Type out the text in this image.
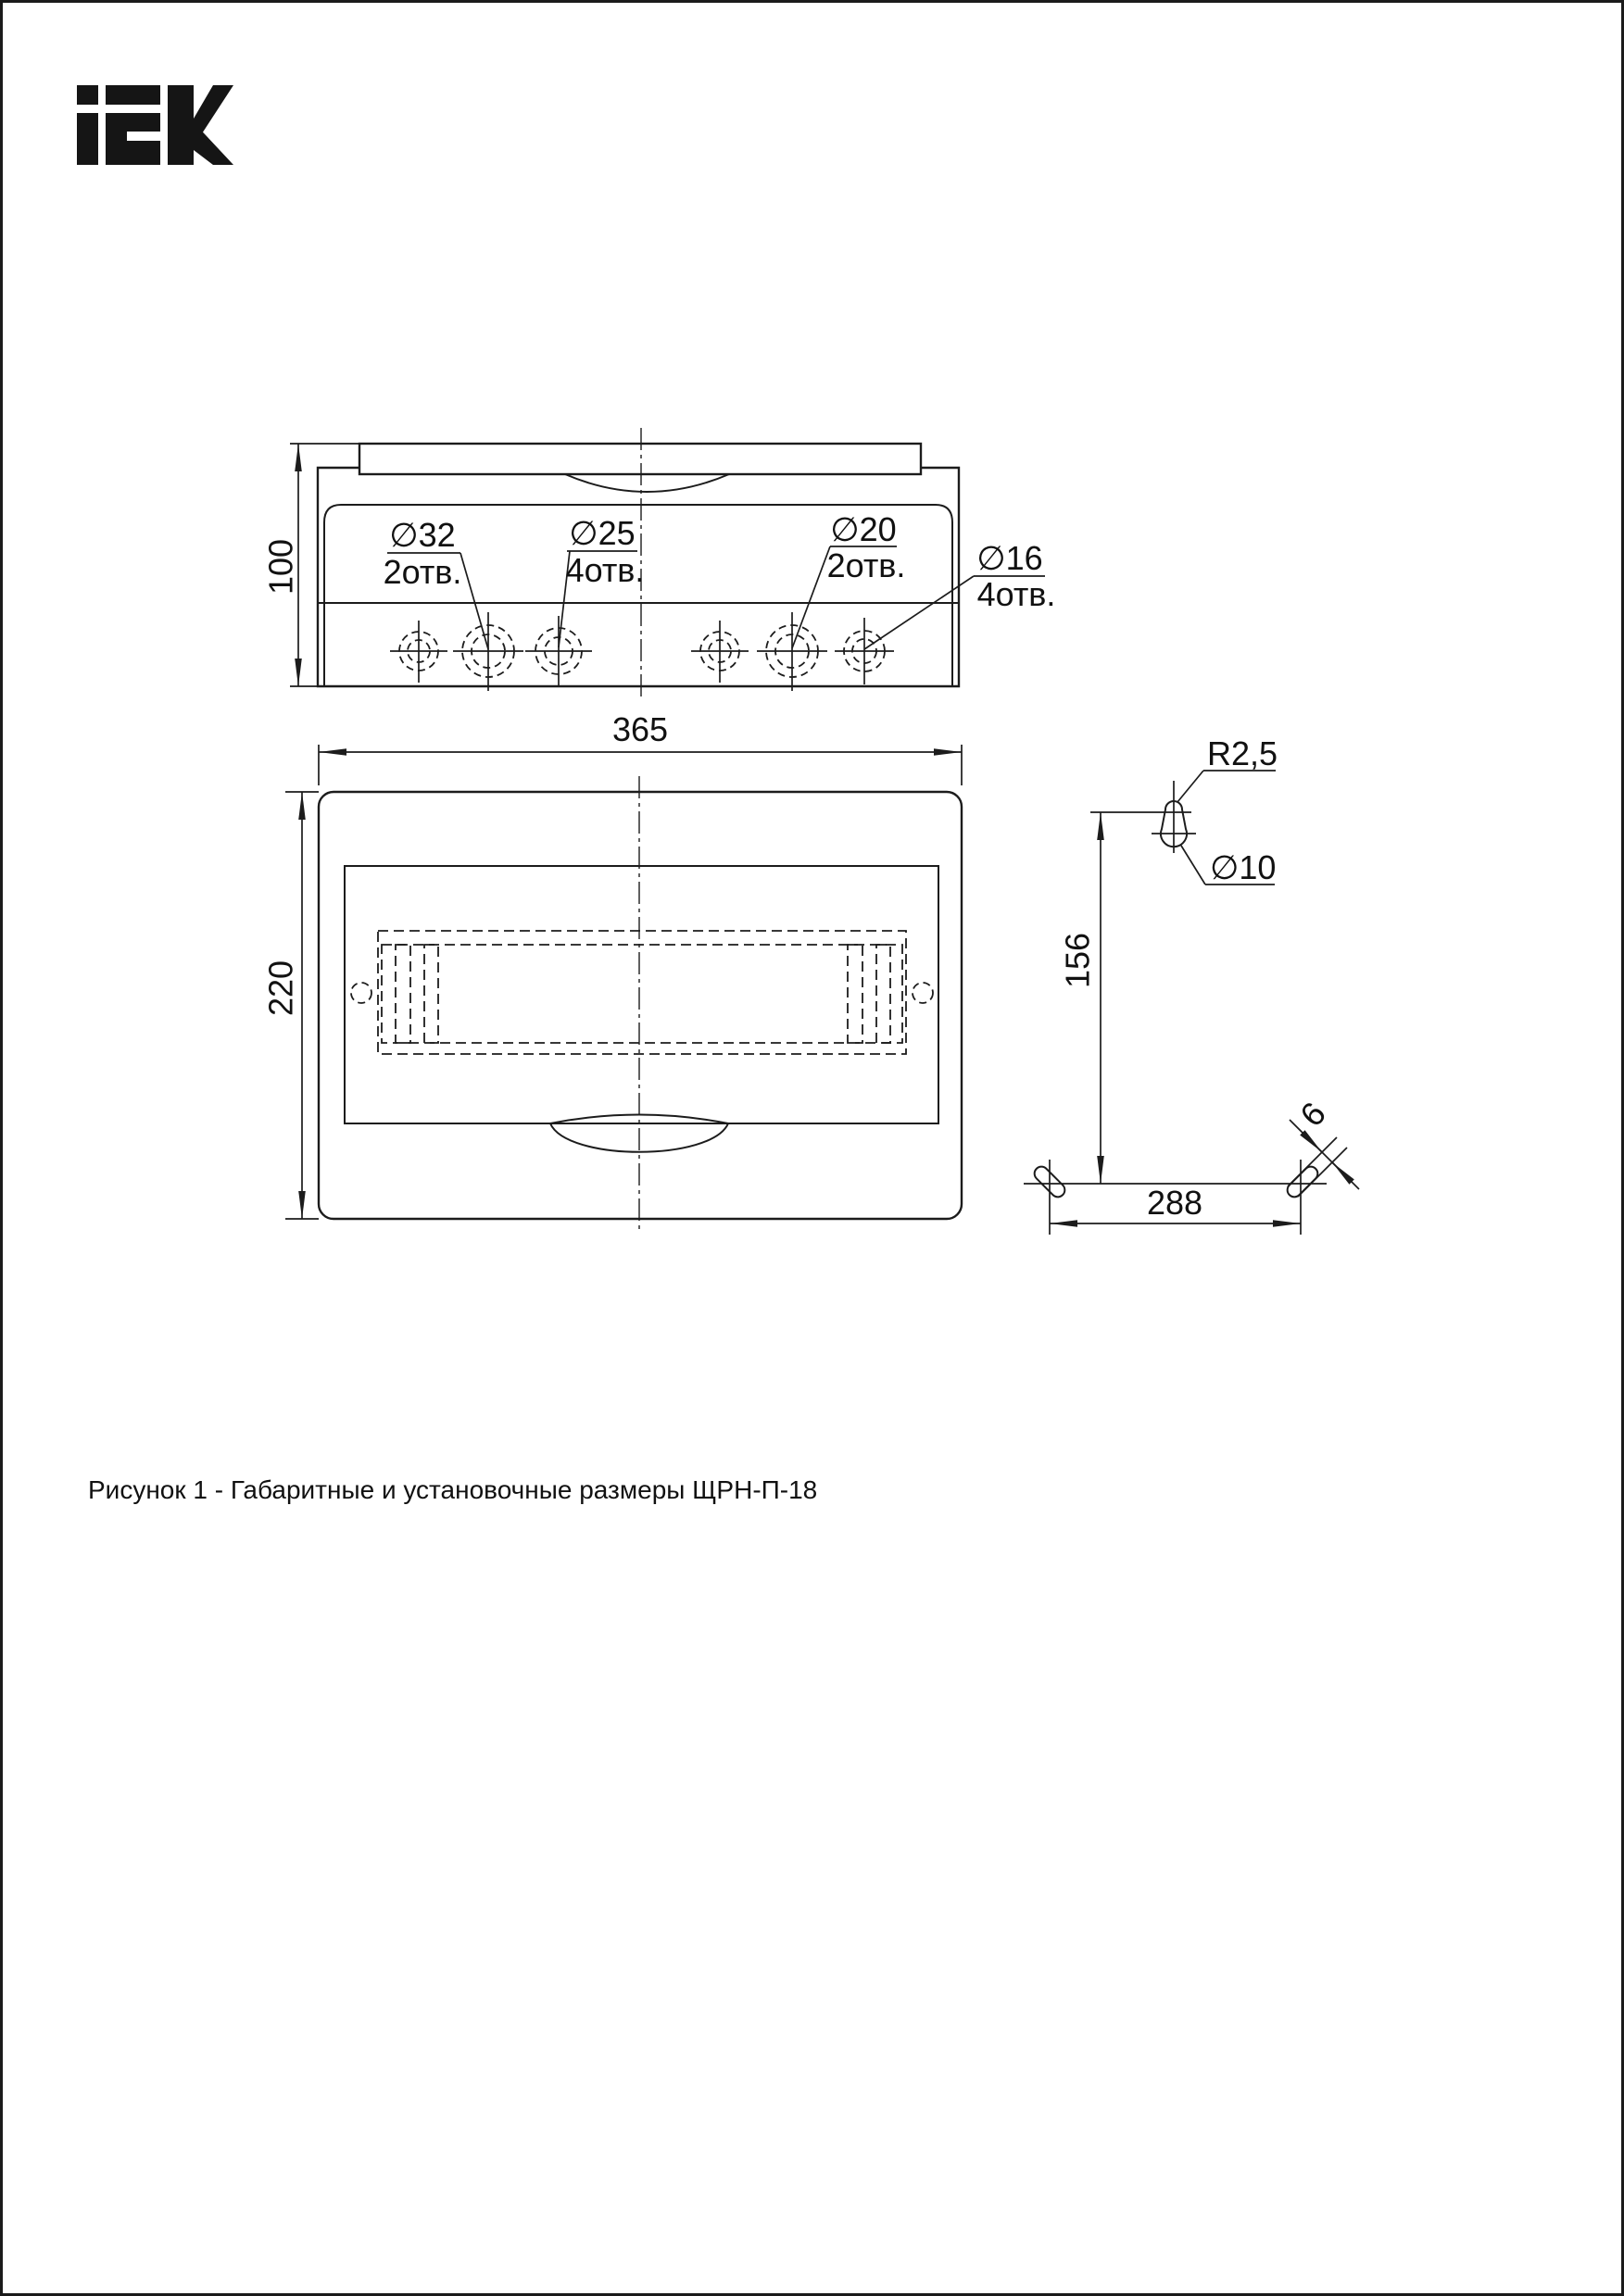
100
∅32
2отв.
∅25
4отв.
∅20
2отв. ∅16
4отв.
365
220
R2,5
∅10
156
288
6
Рисунок 1 - Габаритные и установочные размеры ЩРН-П-18
